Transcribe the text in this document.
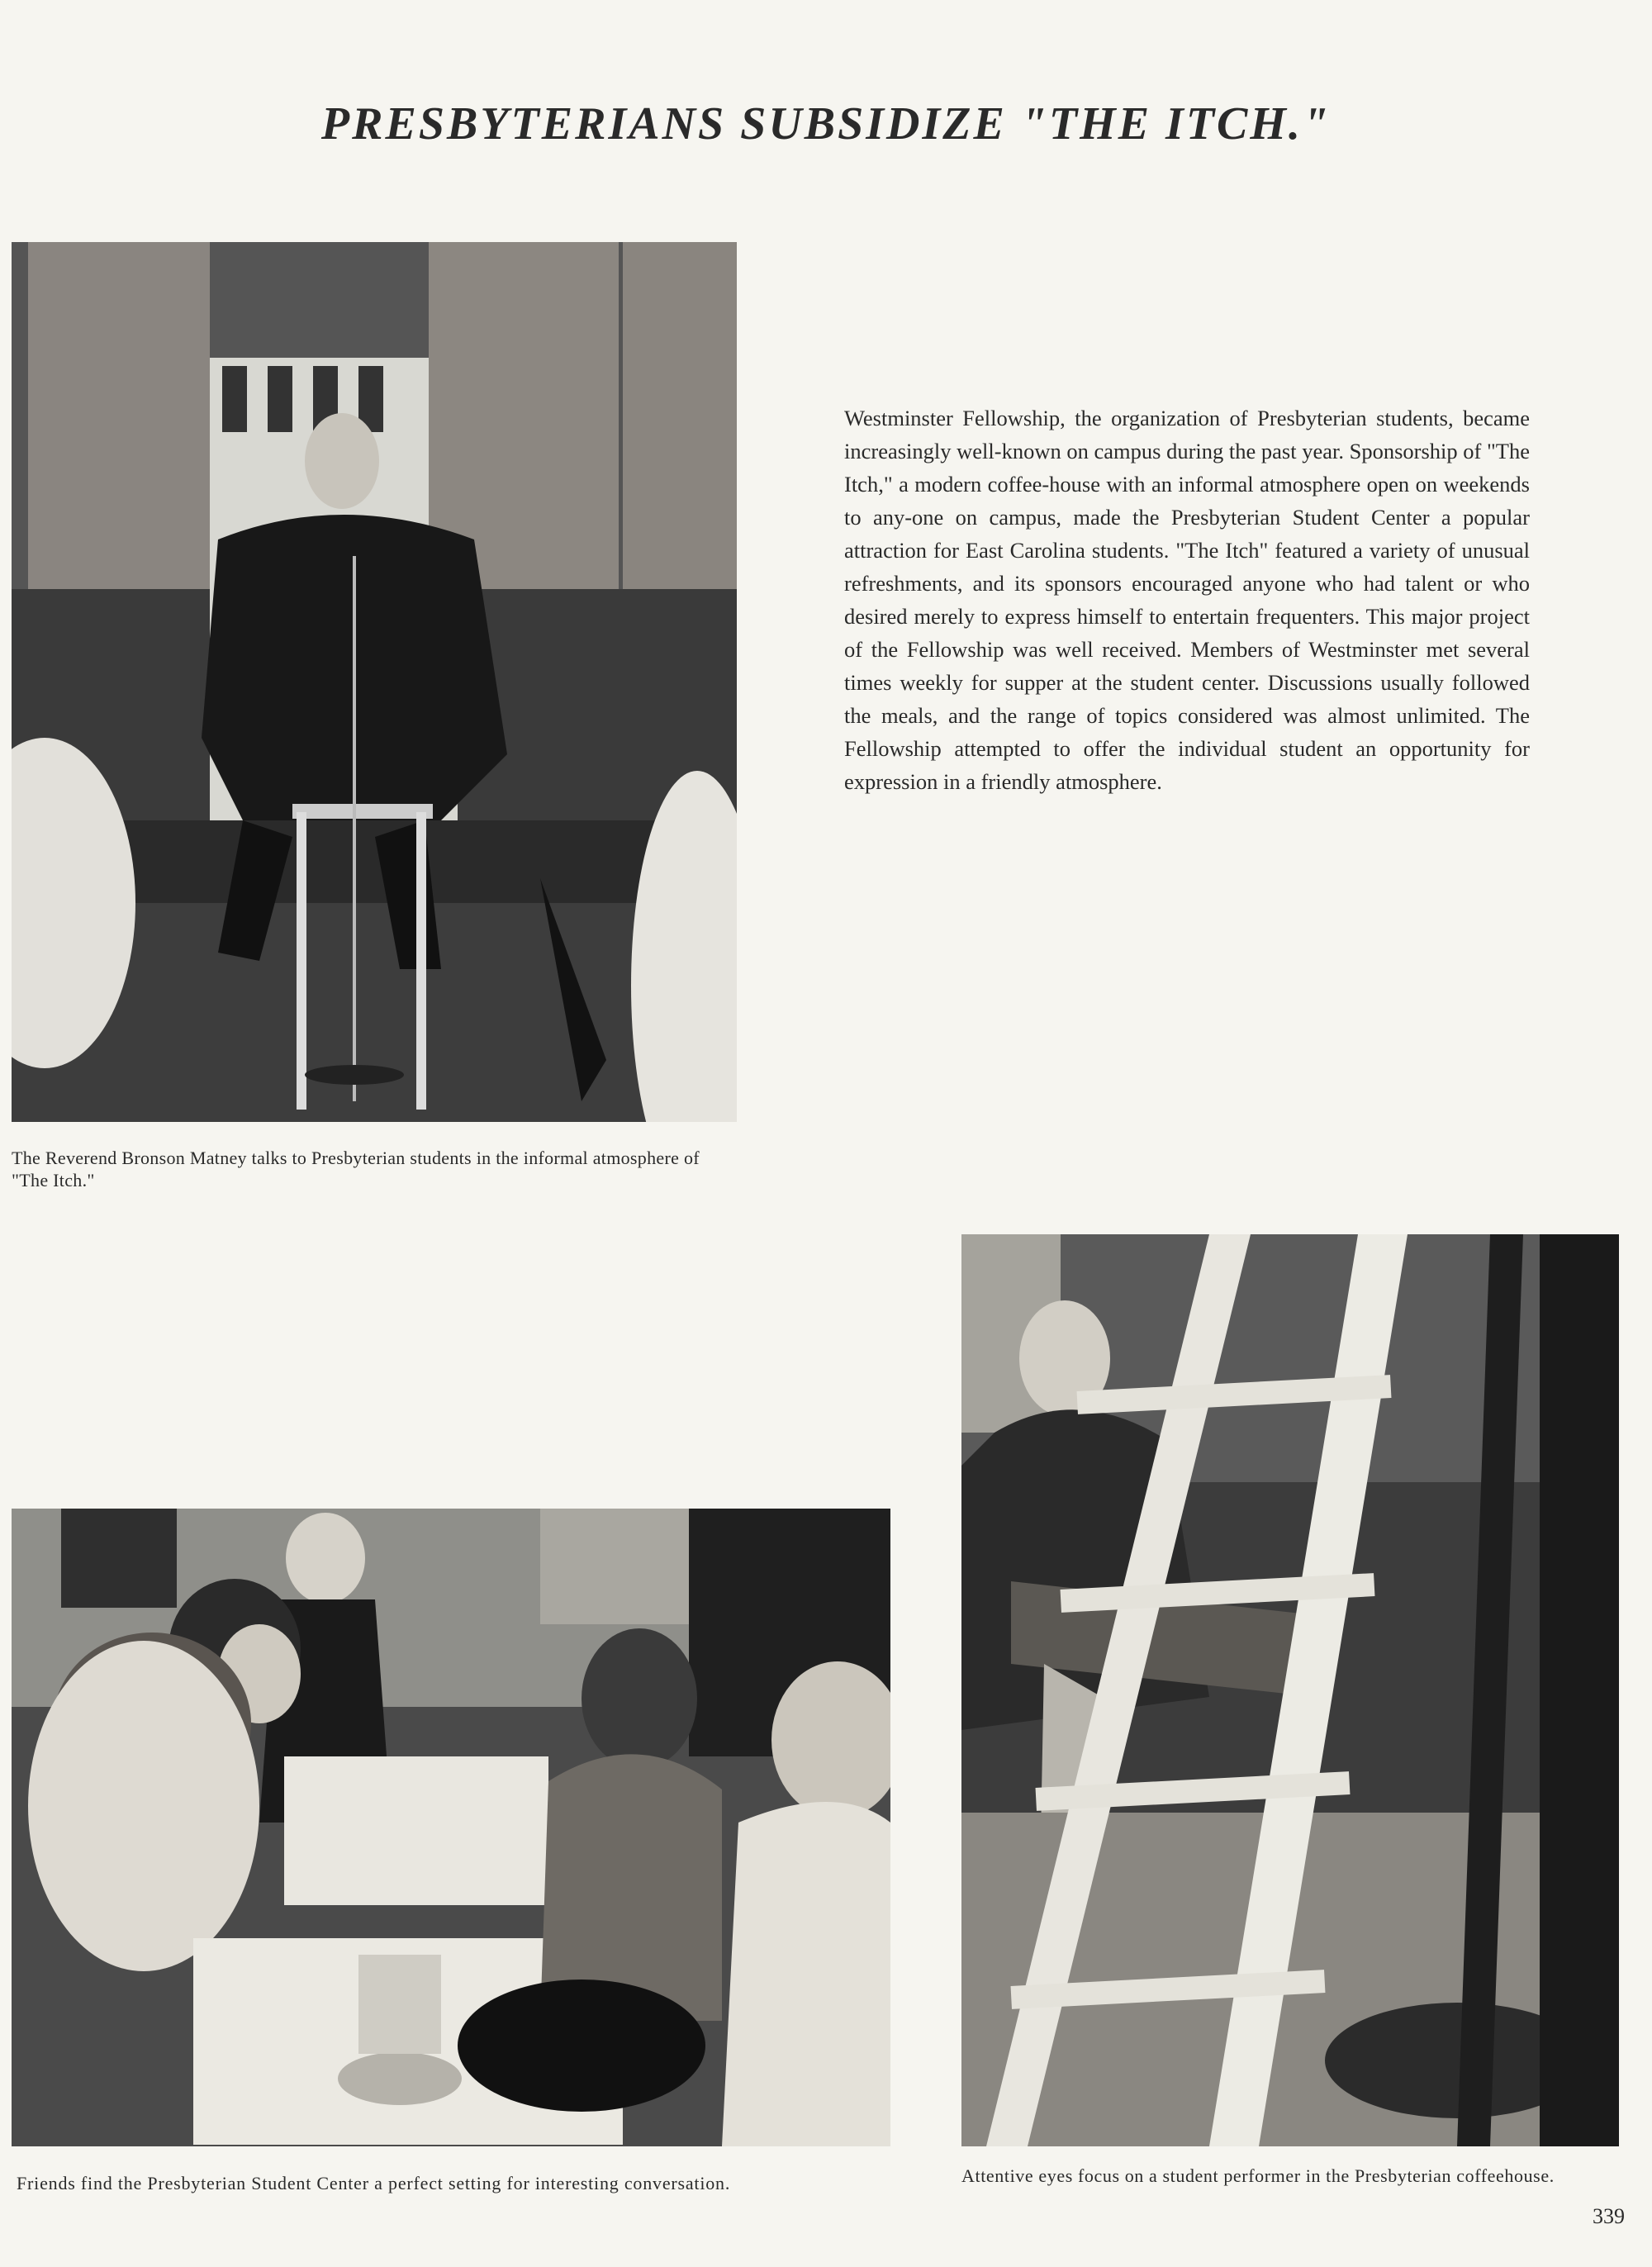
PRESBYTERIANS SUBSIDIZE "THE ITCH."
The Reverend Bronson Matney talks to Presbyterian students in the informal atmosphere of "The Itch."
Westminster Fellowship, the organization of Presbyterian students, became increasingly well-known on campus during the past year. Sponsorship of "The Itch," a modern coffee-house with an informal atmosphere open on weekends to any-one on campus, made the Presbyterian Student Center a popular attraction for East Carolina students. "The Itch" featured a variety of unusual refreshments, and its sponsors encouraged anyone who had talent or who desired merely to express himself to entertain frequenters. This major project of the Fellowship was well received. Members of Westminster met several times weekly for supper at the student center. Discussions usually followed the meals, and the range of topics considered was almost unlimited. The Fellowship attempted to offer the individual student an opportunity for expression in a friendly atmosphere.
Friends find the Presbyterian Student Center a perfect setting for interesting conversation.	Attentive eyes focus on a student performer in the Presbyterian coffeehouse.
339
